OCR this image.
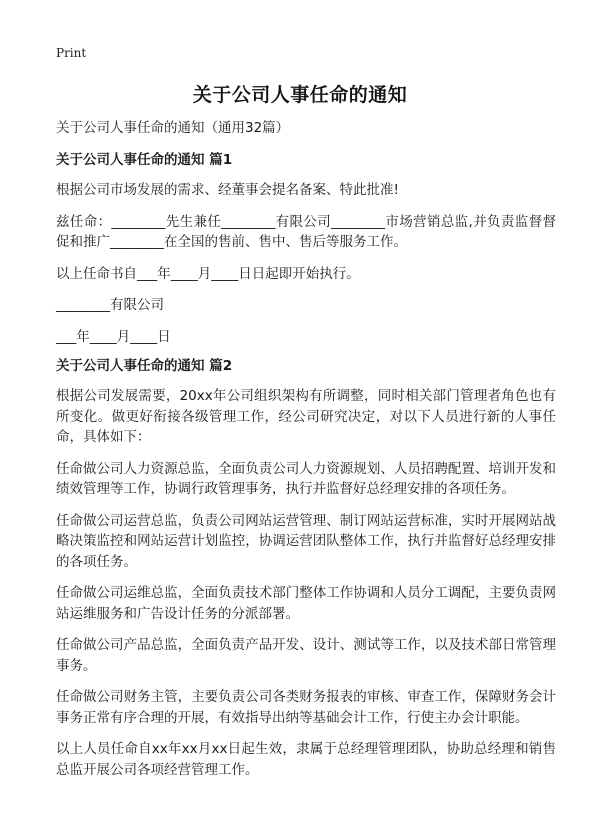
Print
关于公司人事任命的通知

关于公司人事任命的通知（通用32篇）

关于公司人事任命的通知 篇1

根据公司市场发展的需求、经董事会提名备案、特此批准!

兹任命：________先生兼任________有限公司________市场营销总监,并负责监督督促和推广________在全国的售前、售中、售后等服务工作。

以上任命书自___年____月____日日起即开始执行。

________有限公司

___年____月____日

关于公司人事任命的通知 篇2

根据公司发展需要，20xx年公司组织架构有所调整，同时相关部门管理者角色也有所变化。做更好衔接各级管理工作，经公司研究决定，对以下人员进行新的人事任命，具体如下：

任命做公司人力资源总监，全面负责公司人力资源规划、人员招聘配置、培训开发和绩效管理等工作，协调行政管理事务，执行并监督好总经理安排的各项任务。

任命做公司运营总监，负责公司网站运营管理、制订网站运营标准，实时开展网站战略决策监控和网站运营计划监控，协调运营团队整体工作，执行并监督好总经理安排的各项任务。

任命做公司运维总监，全面负责技术部门整体工作协调和人员分工调配，主要负责网站运维服务和广告设计任务的分派部署。

任命做公司产品总监，全面负责产品开发、设计、测试等工作，以及技术部日常管理事务。

任命做公司财务主管，主要负责公司各类财务报表的审核、审查工作，保障财务会计事务正常有序合理的开展，有效指导出纳等基础会计工作，行使主办会计职能。

以上人员任命自xx年xx月xx日起生效，隶属于总经理管理团队，协助总经理和销售总监开展公司各项经营管理工作。
